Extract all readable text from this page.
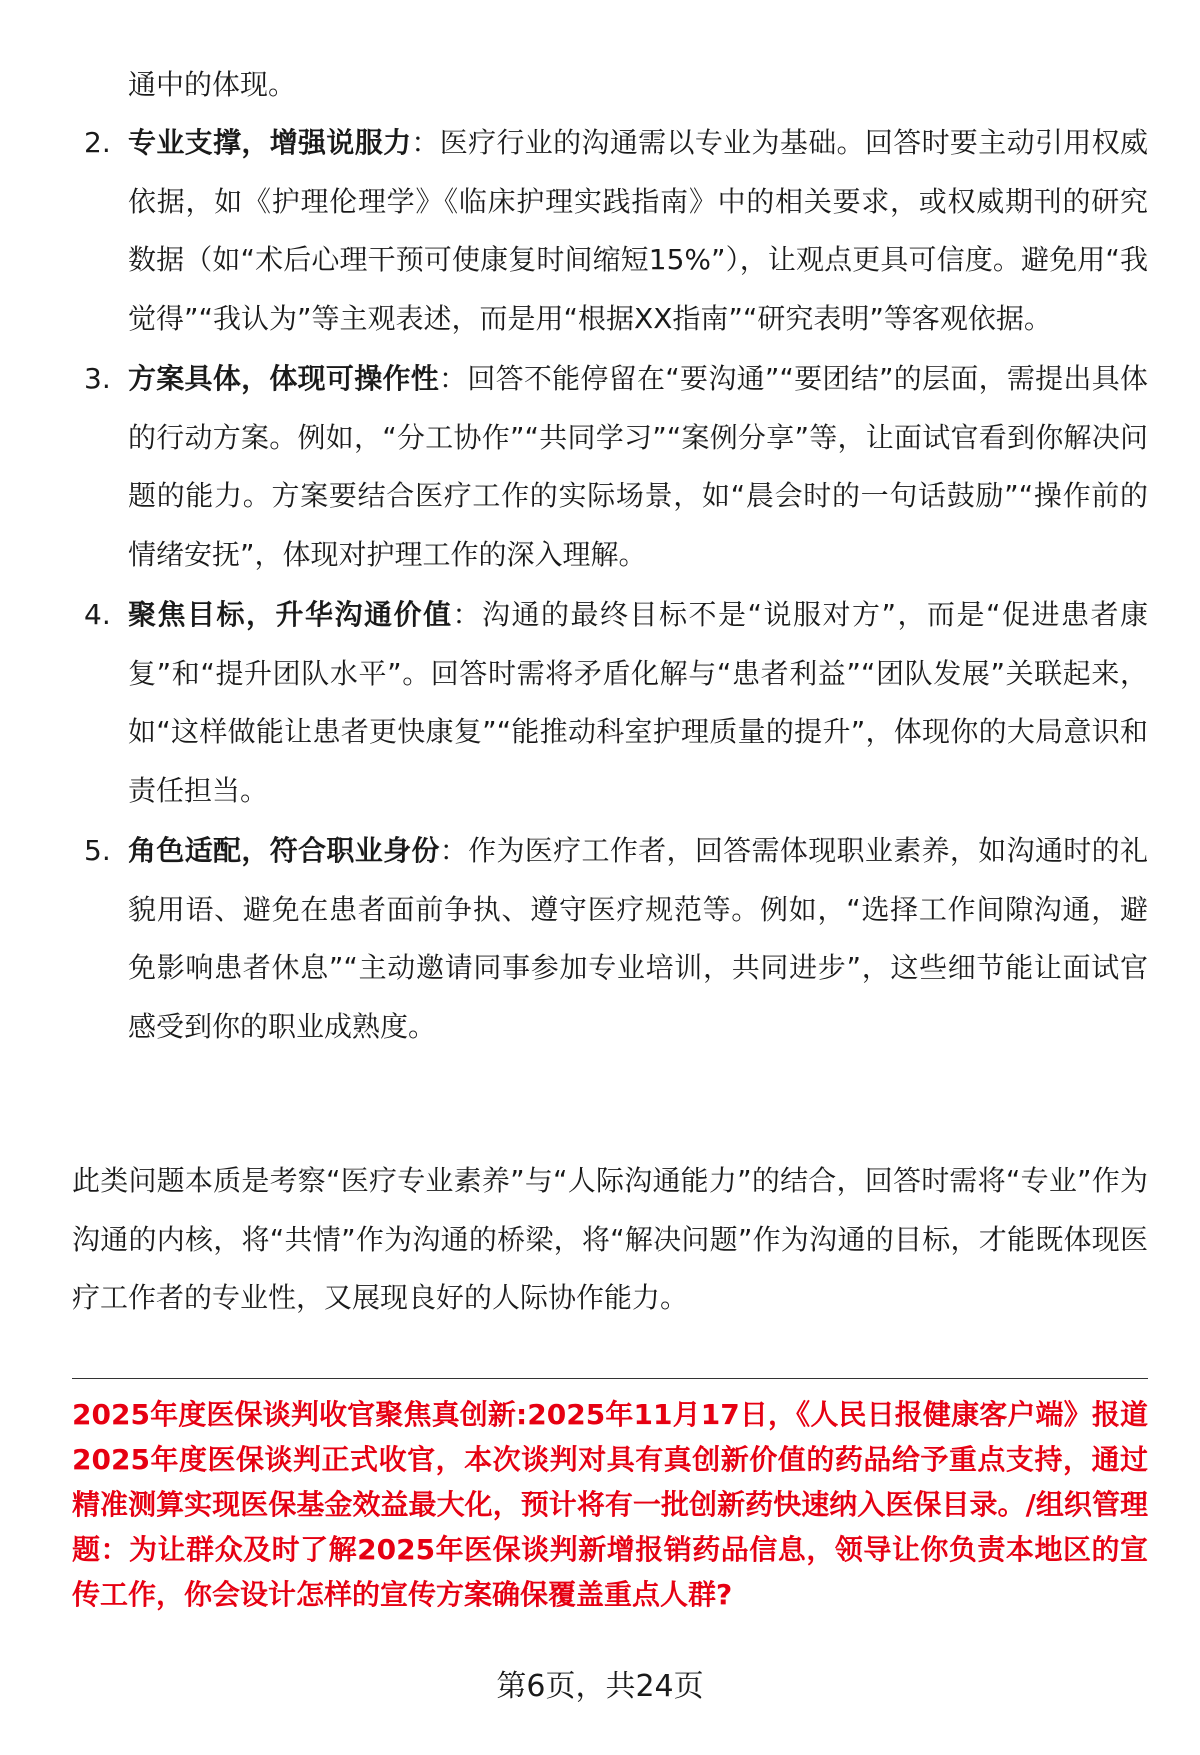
通中的体现。
2. 专业支撑，增强说服力：医疗行业的沟通需以专业为基础。回答时要主动引用权威依据，如《护理伦理学》《临床护理实践指南》中的相关要求，或权威期刊的研究数据（如“术后心理干预可使康复时间缩短15%”），让观点更具可信度。避免用“我觉得”“我认为”等主观表述，而是用“根据XX指南”“研究表明”等客观依据。
3. 方案具体，体现可操作性：回答不能停留在“要沟通”“要团结”的层面，需提出具体的行动方案。例如，“分工协作”“共同学习”“案例分享”等，让面试官看到你解决问题的能力。方案要结合医疗工作的实际场景，如“晨会时的一句话鼓励”“操作前的情绪安抚”，体现对护理工作的深入理解。
4. 聚焦目标，升华沟通价值：沟通的最终目标不是“说服对方”，而是“促进患者康复”和“提升团队水平”。回答时需将矛盾化解与“患者利益”“团队发展”关联起来，如“这样做能让患者更快康复”“能推动科室护理质量的提升”，体现你的大局意识和责任担当。
5. 角色适配，符合职业身份：作为医疗工作者，回答需体现职业素养，如沟通时的礼貌用语、避免在患者面前争执、遵守医疗规范等。例如，“选择工作间隙沟通，避免影响患者休息”“主动邀请同事参加专业培训，共同进步”，这些细节能让面试官感受到你的职业成熟度。
此类问题本质是考察“医疗专业素养”与“人际沟通能力”的结合，回答时需将“专业”作为沟通的内核，将“共情”作为沟通的桥梁，将“解决问题”作为沟通的目标，才能既体现医疗工作者的专业性，又展现良好的人际协作能力。
2025年度医保谈判收官聚焦真创新:2025年11月17日，《人民日报健康客户端》报道2025年度医保谈判正式收官，本次谈判对具有真创新价值的药品给予重点支持，通过精准测算实现医保基金效益最大化，预计将有一批创新药快速纳入医保目录。/组织管理题：为让群众及时了解2025年医保谈判新增报销药品信息，领导让你负责本地区的宣传工作，你会设计怎样的宣传方案确保覆盖重点人群?
第6页，共24页
